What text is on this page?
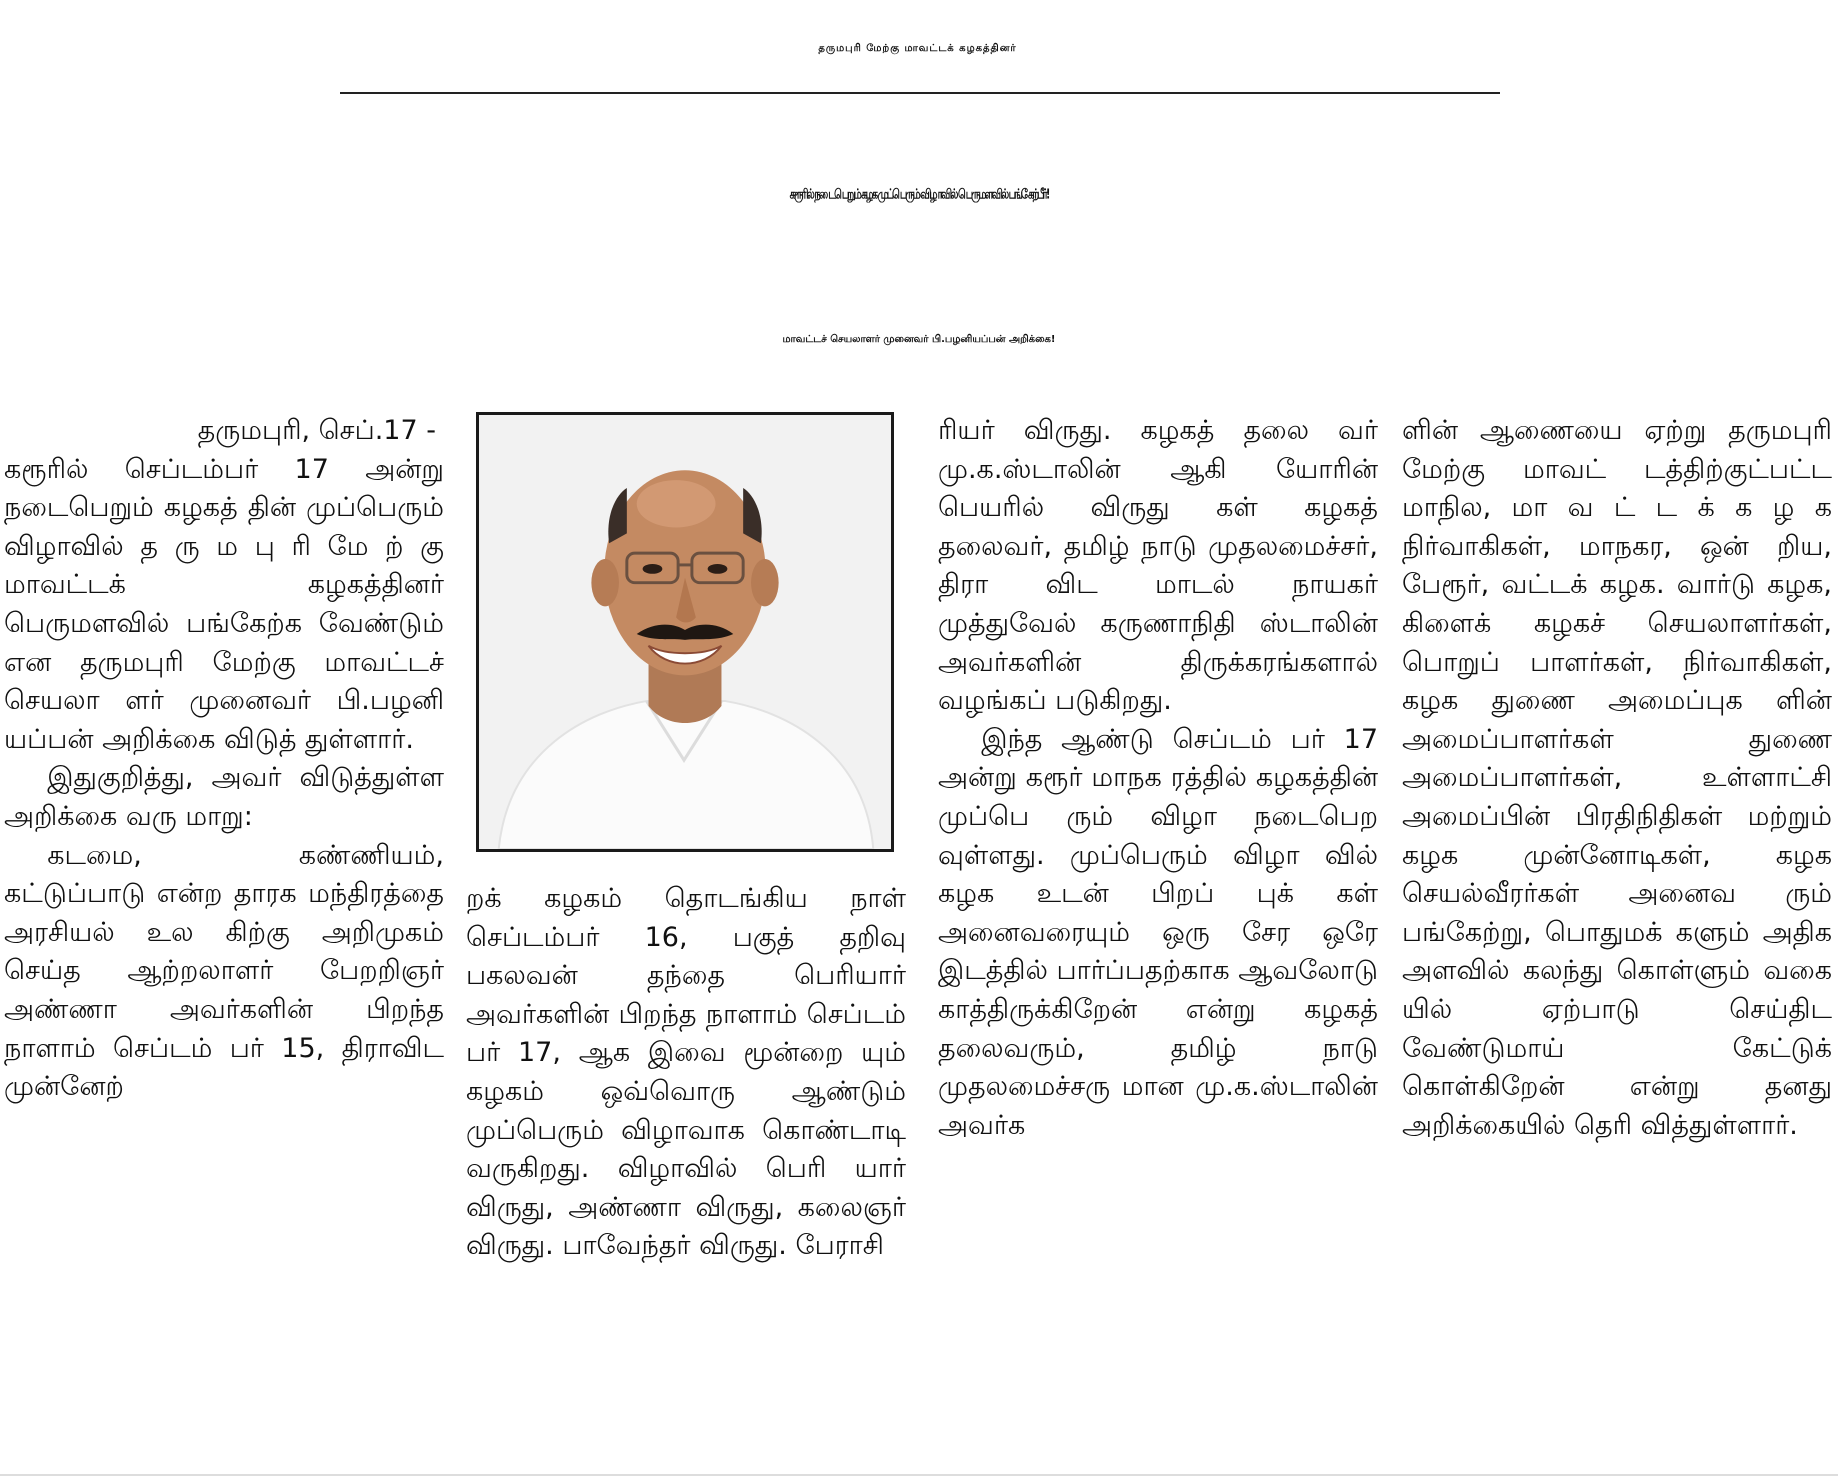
தருமபுரி மேற்கு மாவட்டக் கழகத்தினர்
கரூரில் நடைபெறும் கழக முப்பெரும் விழாவில் பெருமளவில் பங்கேற்பீர்!
மாவட்டச் செயலாளர் முனைவர் பி.பழனியப்பன் அறிக்கை!
தருமபுரி, செப்.17 -

கரூரில் செப்டம்பர் 17 அன்று நடைபெறும் கழகத் தின் முப்பெரும் விழாவில் த ரு ம பு ரி மே ற் கு மாவட்டக் கழகத்தினர் பெருமளவில் பங்கேற்க வேண்டும் என தருமபுரி மேற்கு மாவட்டச் செயலா ளர் முனைவர் பி.பழனி யப்பன் அறிக்கை விடுத் துள்ளார்.

இதுகுறித்து, அவர் விடுத்துள்ள அறிக்கை வரு மாறு:

கடமை, கண்ணியம், கட்டுப்பாடு என்ற தாரக மந்திரத்தை அரசியல் உல கிற்கு அறிமுகம் செய்த ஆற்றலாளர் பேறறிஞர் அண்ணா அவர்களின் பிறந்த நாளாம் செப்டம் பர் 15, திராவிட முன்னேற்

றக் கழகம் தொடங்கிய நாள் செப்டம்பர் 16, பகுத் தறிவு பகலவன் தந்தை பெரியார் அவர்களின் பிறந்த நாளாம் செப்டம் பர் 17, ஆக இவை மூன்றை யும் கழகம் ஒவ்வொரு ஆண்டும் முப்பெரும் விழாவாக கொண்டாடி வருகிறது. விழாவில் பெரி யார் விருது, அண்ணா விருது, கலைஞர் விருது. பாவேந்தர் விருது. பேராசி

ரியர் விருது. கழகத் தலை வர் மு.க.ஸ்டாலின் ஆகி யோரின் பெயரில் விருது கள் கழகத் தலைவர், தமிழ் நாடு முதலமைச்சர், திரா விட மாடல் நாயகர் முத்துவேல் கருணாநிதி ஸ்டாலின் அவர்களின் திருக்கரங்களால் வழங்கப் படுகிறது.

இந்த ஆண்டு செப்டம் பர் 17 அன்று கரூர் மாநக ரத்தில் கழகத்தின் முப்பெ ரும் விழா நடைபெற வுள்ளது. முப்பெரும் விழா வில் கழக உடன் பிறப் புக் கள் அனைவரையும் ஒரு சேர ஒரே இடத்தில் பார்ப்பதற்காக ஆவலோடு காத்திருக்கிறேன் என்று கழகத் தலைவரும், தமிழ் நாடு முதலமைச்சரு மான மு.க.ஸ்டாலின் அவர்க

ளின் ஆணையை ஏற்று தருமபுரி மேற்கு மாவட் டத்திற்குட்பட்ட மாநில, மா வ ட் ட க் க ழ க நிர்வாகிகள், மாநகர, ஒன் றிய, பேரூர், வட்டக் கழக. வார்டு கழக, கிளைக் கழகச் செயலாளர்கள், பொறுப் பாளர்கள், நிர்வாகிகள், கழக துணை அமைப்புக ளின் அமைப்பாளர்கள் துணை அமைப்பாளர்கள், உள்ளாட்சி அமைப்பின் பிரதிநிதிகள் மற்றும் கழக முன்னோடிகள், கழக செயல்வீரர்கள் அனைவ ரும் பங்கேற்று, பொதுமக் களும் அதிக அளவில் கலந்து கொள்ளும் வகை யில் ஏற்பாடு செய்திட வேண்டுமாய் கேட்டுக் கொள்கிறேன் என்று தனது அறிக்கையில் தெரி வித்துள்ளார்.
